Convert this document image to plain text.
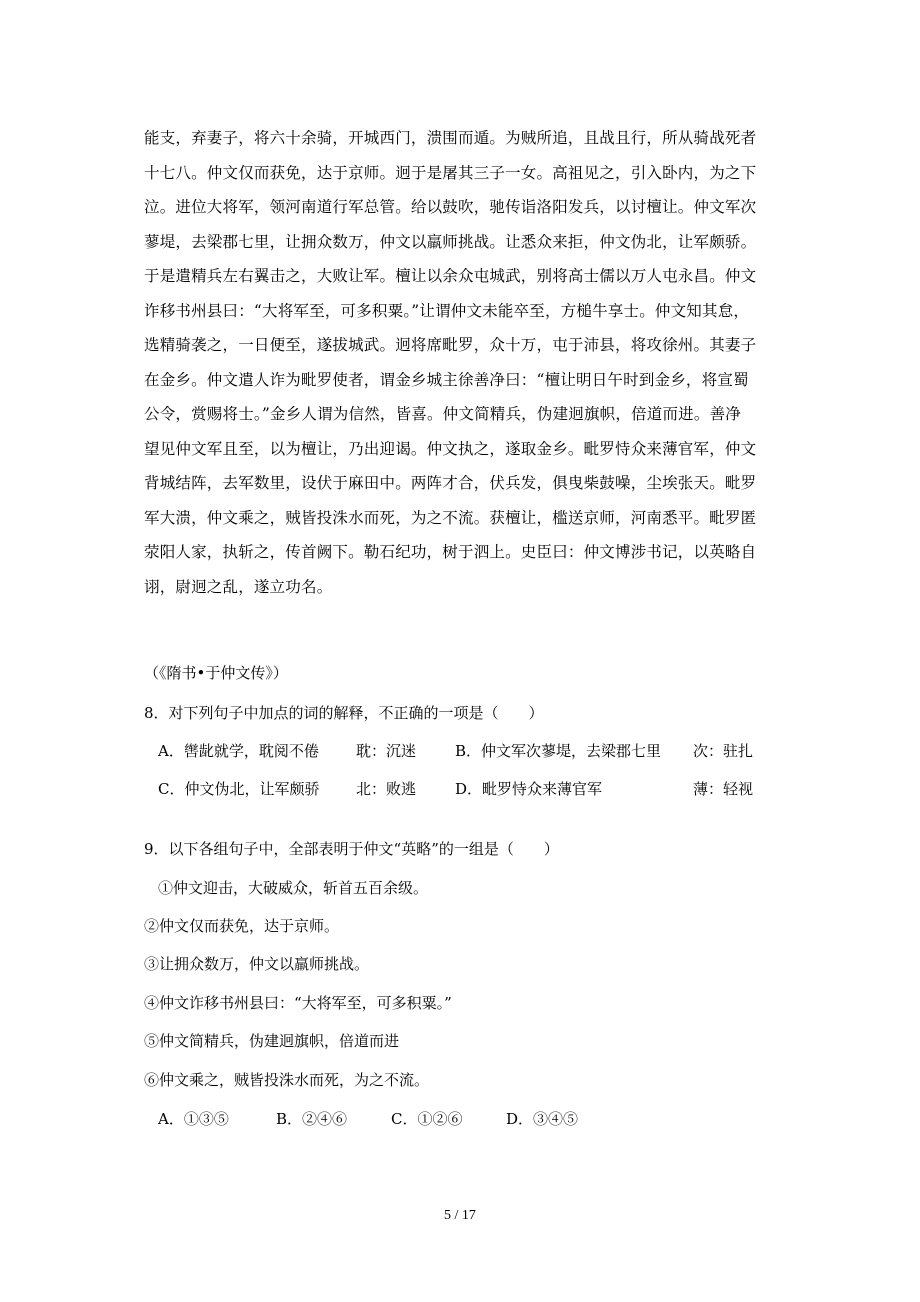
能支，弃妻子，将六十余骑，开城西门，溃围而遁。为贼所追，且战且行，所从骑战死者
十七八。仲文仅而获免，达于京师。迥于是屠其三子一女。高祖见之，引入卧内，为之下
泣。进位大将军，领河南道行军总管。给以鼓吹，驰传诣洛阳发兵，以讨檀让。仲文军次
蓼堤，去梁郡七里，让拥众数万，仲文以羸师挑战。让悉众来拒，仲文伪北，让军颇骄。
于是遣精兵左右翼击之，大败让军。檀让以余众屯城武，别将高士儒以万人屯永昌。仲文
诈移书州县曰：“大将军至，可多积粟。”让谓仲文未能卒至，方槌牛享士。仲文知其怠，
选精骑袭之，一日便至，遂拔城武。迥将席毗罗，众十万，屯于沛县，将攻徐州。其妻子
在金乡。仲文遣人诈为毗罗使者，谓金乡城主徐善净曰：“檀让明日午时到金乡，将宣蜀
公令，赏赐将士。”金乡人谓为信然，皆喜。仲文简精兵，伪建迥旗帜，倍道而进。善净
望见仲文军且至，以为檀让，乃出迎谒。仲文执之，遂取金乡。毗罗恃众来薄官军，仲文
背城结阵，去军数里，设伏于麻田中。两阵才合，伏兵发，俱曳柴鼓噪，尘埃张天。毗罗
军大溃，仲文乘之，贼皆投洙水而死，为之不流。获檀让，槛送京师，河南悉平。毗罗匿
荥阳人家，执斩之，传首阙下。勒石纪功，树于泗上。史臣曰：仲文博涉书记，以英略自
诩，尉迥之乱，遂立功名。
（《隋书•于仲文传》）
8．对下列句子中加点的词的解释，不正确的一项是（　　）
A．辔龀就学，耽阅不倦 耽：沉迷	B．仲文军次蓼堤，去梁郡七里 次：驻扎
C．仲文伪北，让军颇骄 北：败逃	D．毗罗恃众来薄官军	薄：轻视
9．以下各组句子中，全部表明于仲文“英略”的一组是（　　）
①仲文迎击，大破威众，斩首五百余级。
②仲文仅而获免，达于京师。
③让拥众数万，仲文以羸师挑战。
④仲文诈移书州县曰：“大将军至，可多积粟。”
⑤仲文简精兵，伪建迥旗帜，倍道而进
⑥仲文乘之，贼皆投洙水而死，为之不流。
A．①③⑤	B．②④⑥	C．①②⑥	D．③④⑤
5 / 17
